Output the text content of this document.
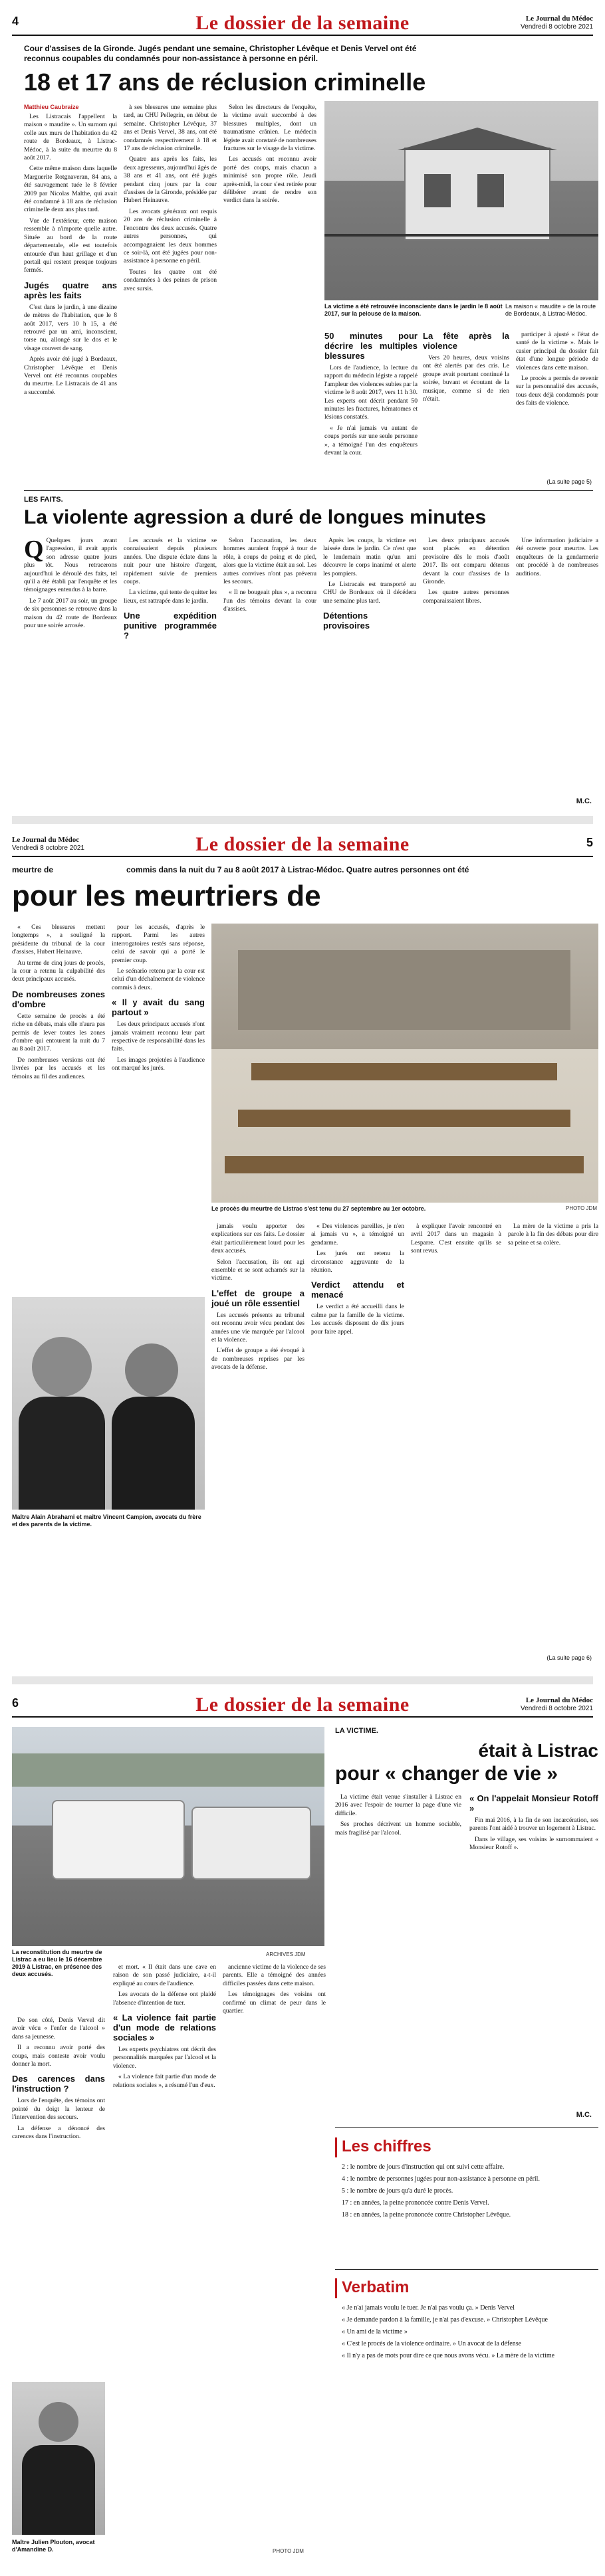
4	Le dossier de la semaine	Le Journal du Médoc
Vendredi 8 octobre 2021
Cour d'assises de la Gironde. Jugés pendant une semaine, Christopher Lévêque et Denis Vervel ont été reconnus coupables du condamnés pour non-assistance à personne en péril.
18 et 17 ans de réclusion criminelle
Matthieu Caubraize

Les Listracais l'appellent la maison « maudite ». Un surnom qui colle aux murs de l'habitation du 42 route de Bordeaux, à Listrac-Médoc, à la suite du meurtre du 8 août 2017.

Cette même maison dans laquelle Marguerite Rotgnaveran, 84 ans, a été sauvagement tuée le 8 février 2009 par Nicolas Malthe, qui avait été condamné à 18 ans de réclusion criminelle deux ans plus tard.

Vue de l'extérieur, cette maison ressemble à n'importe quelle autre. Située au bord de la route départementale, elle est toutefois entourée d'un haut grillage et d'un portail qui restent presque toujours fermés.

Jugés quatre ans après les faits

C'est dans le jardin, à une dizaine de mètres de l'habitation, que le 8 août 2017, vers 10 h 15, a été retrouvé par un ami, inconscient, torse nu, allongé sur le dos et le visage couvert de sang.

Après avoir été jugé à Bordeaux, Christopher Lévêque et Denis Vervel ont été reconnus coupables du meurtre. Le Listracais de 41 ans a succombé.

à ses blessures une semaine plus tard, au CHU Pellegrin, en début de semaine. Christopher Lévêque, 37 ans et Denis Vervel, 38 ans, ont été condamnés respectivement à 18 et 17 ans de réclusion criminelle.

Quatre ans après les faits, les deux agresseurs, aujourd'hui âgés de 38 ans et 41 ans, ont été jugés pendant cinq jours par la cour d'assises de la Gironde, présidée par Hubert Heinauve.

Les avocats généraux ont requis 20 ans de réclusion criminelle à l'encontre des deux accusés. Quatre autres personnes, qui accompagnaient les deux hommes ce soir-là, ont été jugées pour non-assistance à personne en péril.

Toutes les quatre ont été condamnées à des peines de prison avec sursis.

Selon les directeurs de l'enquête, la victime avait succombé à des blessures multiples, dont un traumatisme crânien. Le médecin légiste avait constaté de nombreuses fractures sur le visage de la victime.

Les accusés ont reconnu avoir porté des coups, mais chacun a minimisé son propre rôle. Jeudi après-midi, la cour s'est retirée pour délibérer avant de rendre son verdict dans la soirée.

La victime a été retrouvée inconsciente dans le jardin le 8 août 2017, sur la pelouse de la maison.
La maison « maudite » de la route de Bordeaux, à Listrac-Médoc.
50 minutes pour décrire les multiples blessures

Lors de l'audience, la lecture du rapport du médecin légiste a rappelé l'ampleur des violences subies par la victime le 8 août 2017, vers 11 h 30. Les experts ont décrit pendant 50 minutes les fractures, hématomes et lésions constatés.

« Je n'ai jamais vu autant de coups portés sur une seule personne », a témoigné l'un des enquêteurs devant la cour.

La fête après la violence

Vers 20 heures, deux voisins ont été alertés par des cris. Le groupe avait pourtant continué la soirée, buvant et écoutant de la musique, comme si de rien n'était.

participer à ajusté « l'état de santé de la victime ». Mais le casier principal du dossier fait état d'une longue période de violences dans cette maison.

Le procès a permis de revenir sur la personnalité des accusés, tous deux déjà condamnés pour des faits de violence.

(La suite page 5)
LES FAITS.
La violente agression a duré de longues minutes

Q Quelques jours avant l'agression, il avait appris son adresse quatre jours plus tôt. Nous retracerons aujourd'hui le déroulé des faits, tel qu'il a été établi par l'enquête et les témoignages entendus à la barre.

Le 7 août 2017 au soir, un groupe de six personnes se retrouve dans la maison du 42 route de Bordeaux pour une soirée arrosée.

Les accusés et la victime se connaissaient depuis plusieurs années. Une dispute éclate dans la nuit pour une histoire d'argent, rapidement suivie de premiers coups.

La victime, qui tente de quitter les lieux, est rattrapée dans le jardin.

Une expédition punitive programmée ?

Selon l'accusation, les deux hommes auraient frappé à tour de rôle, à coups de poing et de pied, alors que la victime était au sol. Les autres convives n'ont pas prévenu les secours.

« Il ne bougeait plus », a reconnu l'un des témoins devant la cour d'assises.

Après les coups, la victime est laissée dans le jardin. Ce n'est que le lendemain matin qu'un ami découvre le corps inanimé et alerte les pompiers.

Le Listracais est transporté au CHU de Bordeaux où il décédera une semaine plus tard.

Détentions provisoires

Les deux principaux accusés sont placés en détention provisoire dès le mois d'août 2017. Ils ont comparu détenus devant la cour d'assises de la Gironde.

Les quatre autres personnes comparaissaient libres.

Une information judiciaire a été ouverte pour meurtre. Les enquêteurs de la gendarmerie ont procédé à de nombreuses auditions.

M.C.
Le Journal du Médoc
Vendredi 8 octobre 2021	Le dossier de la semaine	5
meurtre de	commis dans la nuit du 7 au 8 août 2017 à Listrac-Médoc. Quatre autres personnes ont été
pour les meurtriers de

« Ces blessures mettent longtemps », a souligné la présidente du tribunal de la cour d'assises, Hubert Heinauve.

Au terme de cinq jours de procès, la cour a retenu la culpabilité des deux principaux accusés.

De nombreuses zones d'ombre

Cette semaine de procès a été riche en débats, mais elle n'aura pas permis de lever toutes les zones d'ombre qui entourent la nuit du 7 au 8 août 2017.

De nombreuses versions ont été livrées par les accusés et les témoins au fil des audiences.

pour les accusés, d'après le rapport. Parmi les autres interrogatoires restés sans réponse, celui de savoir qui a porté le premier coup.

Le scénario retenu par la cour est celui d'un déchaînement de violence commis à deux.

« Il y avait du sang partout »

Les deux principaux accusés n'ont jamais vraiment reconnu leur part respective de responsabilité dans les faits.

Les images projetées à l'audience ont marqué les jurés.

Le procès du meurtre de Listrac s'est tenu du 27 septembre au 1er octobre.	PHOTO JDM
Maître Alain Abrahami et maître Vincent Campion, avocats du frère et des parents de la victime.

jamais voulu apporter des explications sur ces faits. Le dossier était particulièrement lourd pour les deux accusés.

Selon l'accusation, ils ont agi ensemble et se sont acharnés sur la victime.

L'effet de groupe a joué un rôle essentiel

Les accusés présents au tribunal ont reconnu avoir vécu pendant des années une vie marquée par l'alcool et la violence.

L'effet de groupe a été évoqué à de nombreuses reprises par les avocats de la défense.

« Des violences pareilles, je n'en ai jamais vu », a témoigné un gendarme.

Les jurés ont retenu la circonstance aggravante de la réunion.

Verdict attendu et menacé

Le verdict a été accueilli dans le calme par la famille de la victime. Les accusés disposent de dix jours pour faire appel.

à expliquer l'avoir rencontré en avril 2017 dans un magasin à Lesparre. C'est ensuite qu'ils se sont revus.

La mère de la victime a pris la parole à la fin des débats pour dire sa peine et sa colère.

(La suite page 6)
6	Le dossier de la semaine	Le Journal du Médoc
Vendredi 8 octobre 2021
La reconstitution du meurtre de Listrac a eu lieu le 16 décembre 2019 à Listrac, en présence des deux accusés.
ARCHIVES JDM

De son côté, Denis Vervel dit avoir vécu « l'enfer de l'alcool » dans sa jeunesse.

Il a reconnu avoir porté des coups, mais conteste avoir voulu donner la mort.

Des carences dans l'instruction ?

Lors de l'enquête, des témoins ont pointé du doigt la lenteur de l'intervention des secours.

La défense a dénoncé des carences dans l'instruction.

Maître Julien Plouton, avocat d'Amandine D.

et mort. « Il était dans une cave en raison de son passé judiciaire, a-t-il expliqué au cours de l'audience.

Les avocats de la défense ont plaidé l'absence d'intention de tuer.

« La violence fait partie d'un mode de relations sociales »

Les experts psychiatres ont décrit des personnalités marquées par l'alcool et la violence.

« La violence fait partie d'un mode de relations sociales », a résumé l'un d'eux.

ancienne victime de la violence de ses parents. Elle a témoigné des années difficiles passées dans cette maison.

Les témoignages des voisins ont confirmé un climat de peur dans le quartier.

PHOTO JDM
LA VICTIME.
était à Listrac
pour « changer de vie »

La victime était venue s'installer à Listrac en 2016 avec l'espoir de tourner la page d'une vie difficile.

Ses proches décrivent un homme sociable, mais fragilisé par l'alcool.

« On l'appelait Monsieur Rotoff »

Fin mai 2016, à la fin de son incarcération, ses parents l'ont aidé à trouver un logement à Listrac.

Dans le village, ses voisins le surnommaient « Monsieur Rotoff ».

M.C.
Les chiffres

2 : le nombre de jours d'instruction qui ont suivi cette affaire.

4 : le nombre de personnes jugées pour non-assistance à personne en péril.

5 : le nombre de jours qu'a duré le procès.

17 : en années, la peine prononcée contre Denis Vervel.

18 : en années, la peine prononcée contre Christopher Lévêque.

Verbatim

« Je n'ai jamais voulu le tuer. Je n'ai pas voulu ça. » Denis Vervel

« Je demande pardon à la famille, je n'ai pas d'excuse. » Christopher Lévêque

« Un ami de la victime »

« C'est le procès de la violence ordinaire. » Un avocat de la défense

« Il n'y a pas de mots pour dire ce que nous avons vécu. » La mère de la victime
